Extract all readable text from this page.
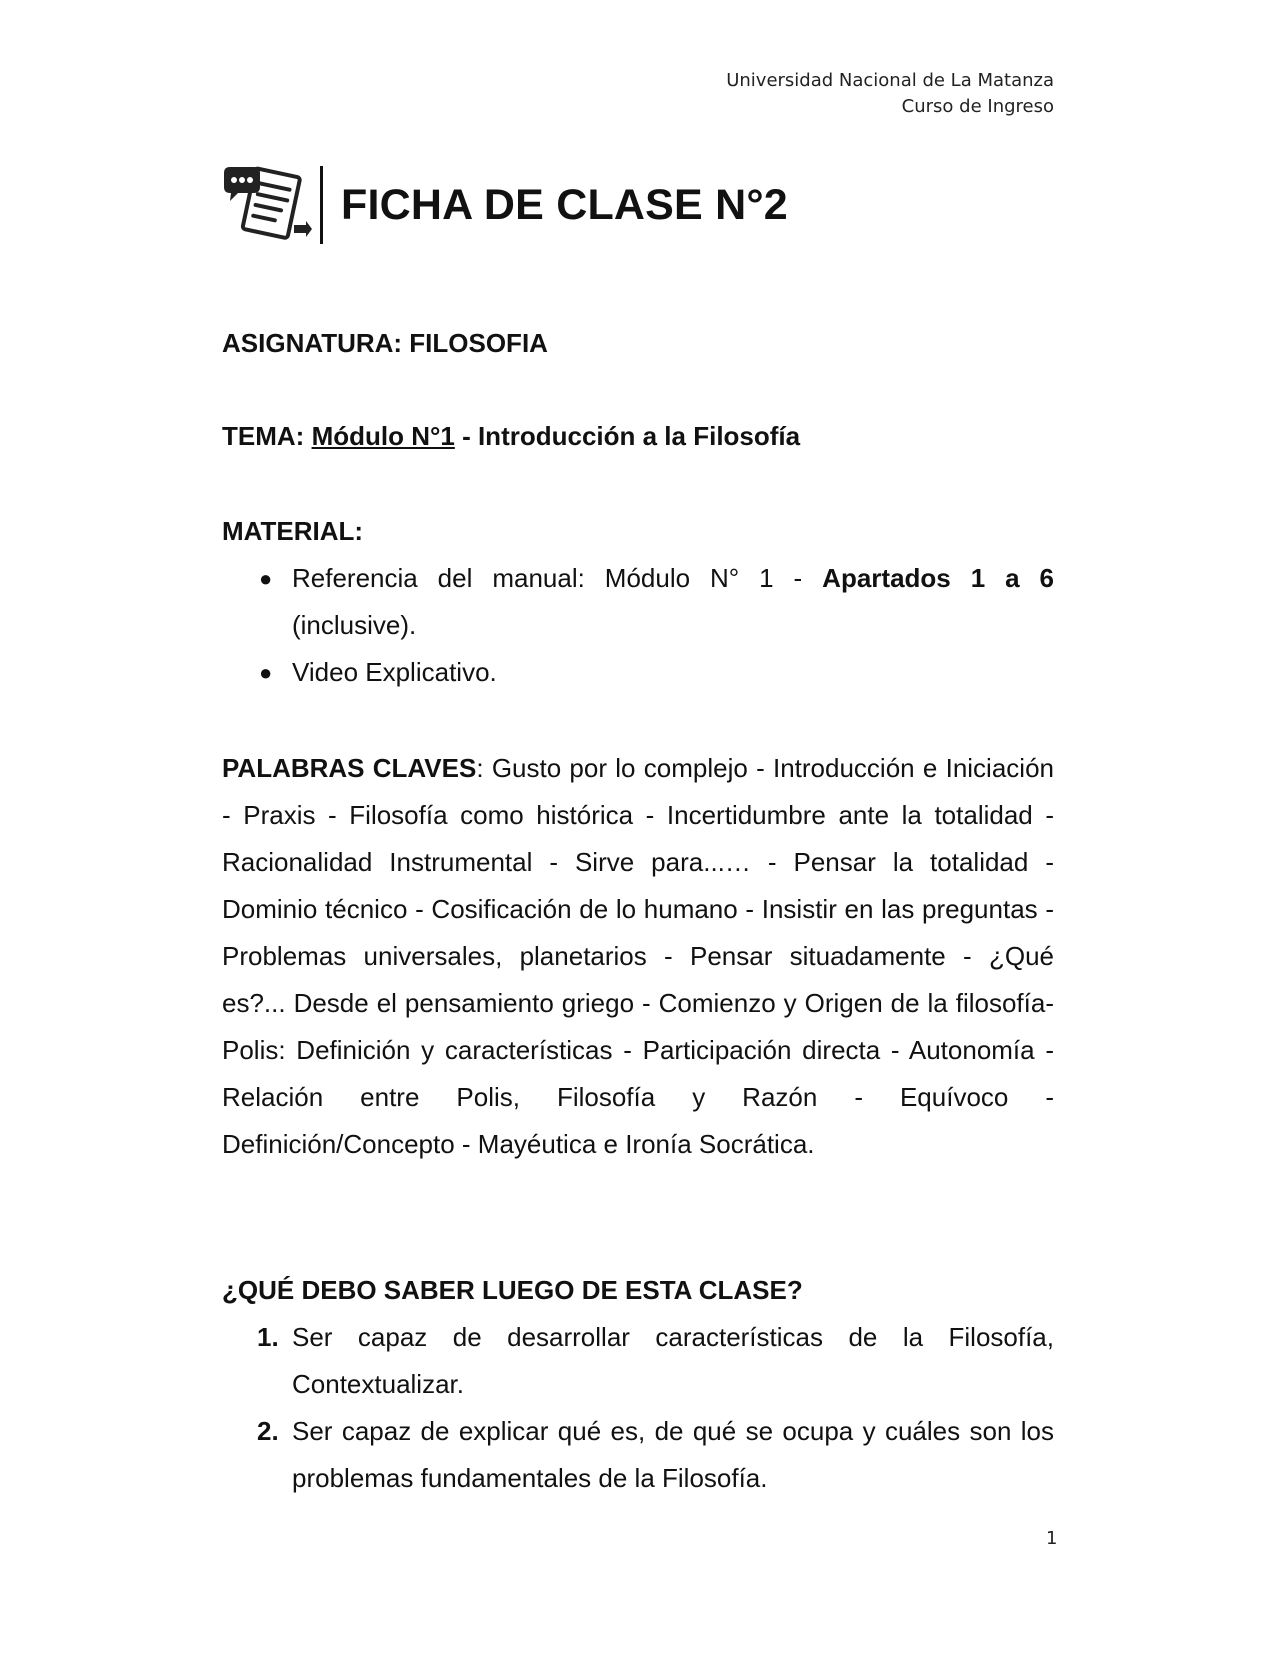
Universidad Nacional de La Matanza
Curso de Ingreso
FICHA DE CLASE N°2
ASIGNATURA: FILOSOFIA
TEMA: Módulo N°1 - Introducción a la Filosofía
MATERIAL:
● Referencia del manual: Módulo N° 1 - Apartados 1 a 6 (inclusive).
● Video Explicativo.
PALABRAS CLAVES: Gusto por lo complejo - Introducción e Iniciación - Praxis - Filosofía como histórica - Incertidumbre ante la totalidad - Racionalidad Instrumental - Sirve para...… - Pensar la totalidad - Dominio técnico - Cosificación de lo humano - Insistir en las preguntas - Problemas universales, planetarios - Pensar situadamente - ¿Qué es?... Desde el pensamiento griego - Comienzo y Origen de la filosofía-Polis: Definición y características - Participación directa - Autonomía - Relación entre Polis, Filosofía y Razón - Equívoco - Definición/Concepto - Mayéutica e Ironía Socrática.
¿QUÉ DEBO SABER LUEGO DE ESTA CLASE?
1. Ser capaz de desarrollar características de la Filosofía, Contextualizar.
2. Ser capaz de explicar qué es, de qué se ocupa y cuáles son los problemas fundamentales de la Filosofía.
1
